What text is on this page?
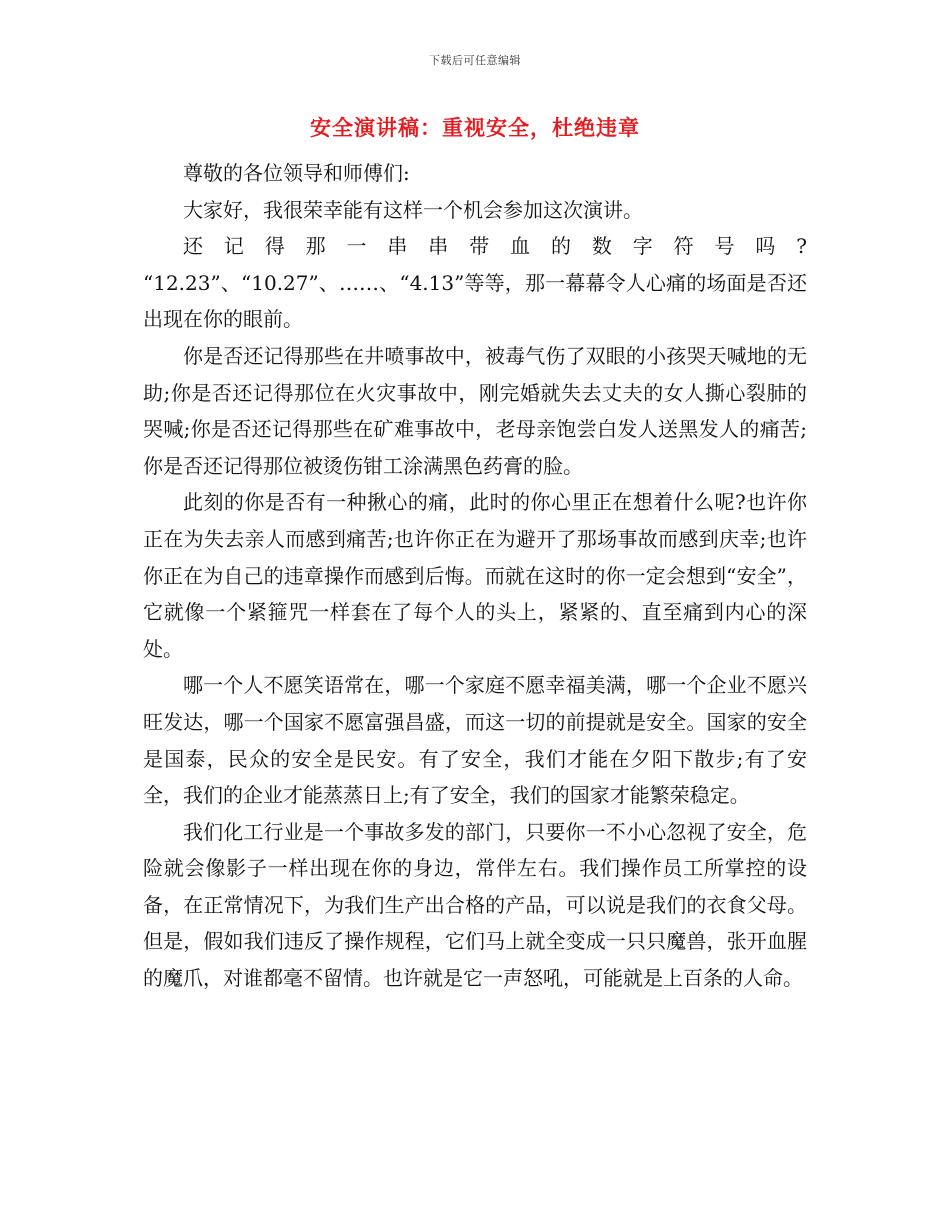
下载后可任意编辑
安全演讲稿：重视安全，杜绝违章

尊敬的各位领导和师傅们:

大家好，我很荣幸能有这样一个机会参加这次演讲。

还记得那一串串带血的数字符号吗? “12.23”、“10.27”、……、“4.13”等等，那一幕幕令人心痛的场面是否还出现在你的眼前。

你是否还记得那些在井喷事故中，被毒气伤了双眼的小孩哭天喊地的无助;你是否还记得那位在火灾事故中，刚完婚就失去丈夫的女人撕心裂肺的哭喊;你是否还记得那些在矿难事故中，老母亲饱尝白发人送黑发人的痛苦;你是否还记得那位被烫伤钳工涂满黑色药膏的脸。

此刻的你是否有一种揪心的痛，此时的你心里正在想着什么呢?也许你正在为失去亲人而感到痛苦;也许你正在为避开了那场事故而感到庆幸;也许你正在为自己的违章操作而感到后悔。而就在这时的你一定会想到“安全”，它就像一个紧箍咒一样套在了每个人的头上，紧紧的、直至痛到内心的深处。

哪一个人不愿笑语常在，哪一个家庭不愿幸福美满，哪一个企业不愿兴旺发达，哪一个国家不愿富强昌盛，而这一切的前提就是安全。国家的安全是国泰，民众的安全是民安。有了安全，我们才能在夕阳下散步;有了安全，我们的企业才能蒸蒸日上;有了安全，我们的国家才能繁荣稳定。

我们化工行业是一个事故多发的部门，只要你一不小心忽视了安全，危险就会像影子一样出现在你的身边，常伴左右。我们操作员工所掌控的设备，在正常情况下，为我们生产出合格的产品，可以说是我们的衣食父母。但是，假如我们违反了操作规程，它们马上就全变成一只只魔兽，张开血腥的魔爪，对谁都毫不留情。也许就是它一声怒吼，可能就是上百条的人命。
